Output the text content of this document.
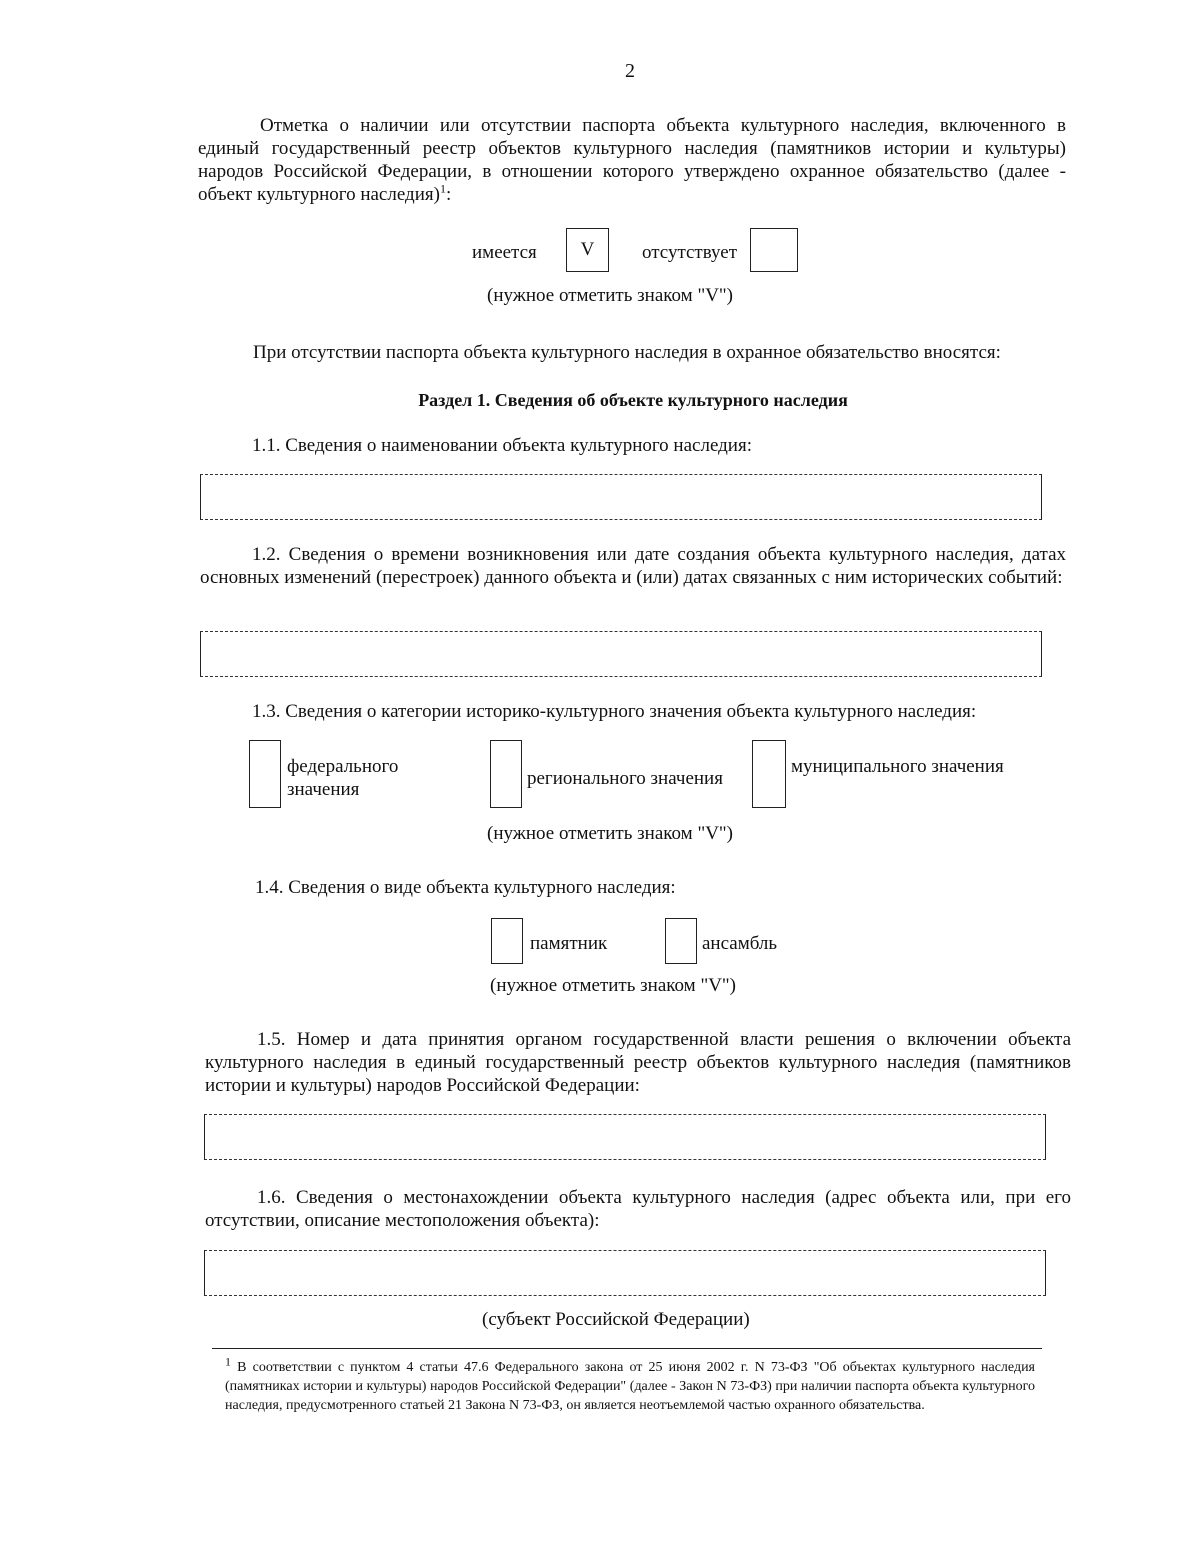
2
Отметка о наличии или отсутствии паспорта объекта культурного наследия, включенного в единый государственный реестр объектов культурного наследия (памятников истории и культуры) народов Российской Федерации, в отношении которого утверждено охранное обязательство (далее - объект культурного наследия)$^1$:
имеется	V	отсутствует
(нужное отметить знаком "V")
При отсутствии паспорта объекта культурного наследия в охранное обязательство вносятся:
Раздел 1. Сведения об объекте культурного наследия
1.1. Сведения о наименовании объекта культурного наследия:
1.2. Сведения о времени возникновения или дате создания объекта культурного наследия, датах основных изменений (перестроек) данного объекта и (или) датах связанных с ним исторических событий:
1.3. Сведения о категории историко-культурного значения объекта культурного наследия:
федерального значения
регионального значения
муниципального значения
(нужное отметить знаком "V")
1.4. Сведения о виде объекта культурного наследия:
памятник	ансамбль
(нужное отметить знаком "V")
1.5. Номер и дата принятия органом государственной власти решения о включении объекта культурного наследия в единый государственный реестр объектов культурного наследия (памятников истории и культуры) народов Российской Федерации:
1.6. Сведения о местонахождении объекта культурного наследия (адрес объекта или, при его отсутствии, описание местоположения объекта):
(субъект Российской Федерации)
$^1$ В соответствии с пунктом 4 статьи 47.6 Федерального закона от 25 июня 2002 г. N 73-ФЗ "Об объектах культурного наследия (памятниках истории и культуры) народов Российской Федерации" (далее - Закон N 73-ФЗ) при наличии паспорта объекта культурного наследия, предусмотренного статьей 21 Закона N 73-ФЗ, он является неотъемлемой частью охранного обязательства.
